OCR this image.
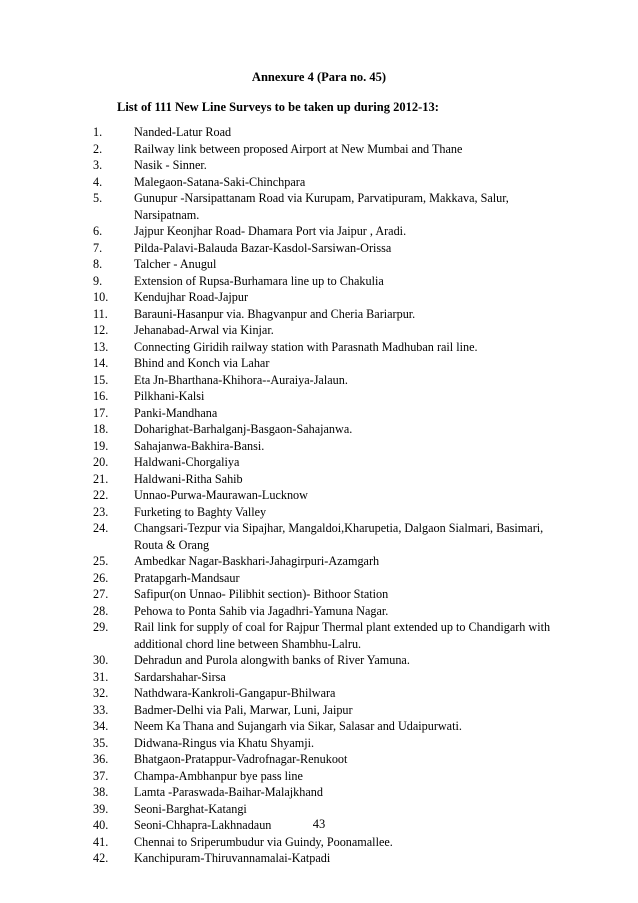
Annexure 4 (Para no. 45)
List of 111 New Line Surveys to be taken up during 2012-13:
1.	Nanded-Latur Road
2.	Railway link between proposed Airport at New Mumbai and Thane
3.	Nasik - Sinner.
4.	Malegaon-Satana-Saki-Chinchpara
5.	Gunupur -Narsipattanam Road via Kurupam, Parvatipuram, Makkava, Salur,
Narsipatnam.
6.	Jajpur Keonjhar Road- Dhamara Port via Jaipur , Aradi.
7.	Pilda-Palavi-Balauda Bazar-Kasdol-Sarsiwan-Orissa
8.	Talcher - Anugul
9.	Extension of Rupsa-Burhamara line up to Chakulia
10.	Kendujhar Road-Jajpur
11.	Barauni-Hasanpur via. Bhagvanpur and Cheria Bariarpur.
12.	Jehanabad-Arwal via Kinjar.
13.	Connecting Giridih railway station with Parasnath Madhuban rail line.
14.	Bhind and Konch via Lahar
15.	Eta Jn-Bharthana-Khihora--Auraiya-Jalaun.
16.	Pilkhani-Kalsi
17.	Panki-Mandhana
18.	Doharighat-Barhalganj-Basgaon-Sahajanwa.
19.	Sahajanwa-Bakhira-Bansi.
20.	Haldwani-Chorgaliya
21.	Haldwani-Ritha Sahib
22.	Unnao-Purwa-Maurawan-Lucknow
23.	Furketing to Baghty Valley
24.	Changsari-Tezpur via Sipajhar, Mangaldoi,Kharupetia, Dalgaon Sialmari, Basimari,
Routa & Orang
25.	Ambedkar Nagar-Baskhari-Jahagirpuri-Azamgarh
26.	Pratapgarh-Mandsaur
27.	Safipur(on Unnao- Pilibhit section)- Bithoor Station
28.	Pehowa to Ponta Sahib via Jagadhri-Yamuna Nagar.
29.	Rail link for supply of coal for Rajpur Thermal plant extended up to Chandigarh with
additional chord line between Shambhu-Lalru.
30.	Dehradun and Purola alongwith banks of River Yamuna.
31.	Sardarshahar-Sirsa
32.	Nathdwara-Kankroli-Gangapur-Bhilwara
33.	Badmer-Delhi via Pali, Marwar, Luni, Jaipur
34.	Neem Ka Thana and Sujangarh via Sikar, Salasar and Udaipurwati.
35.	Didwana-Ringus via Khatu Shyamji.
36.	Bhatgaon-Pratappur-Vadrofnagar-Renukoot
37.	Champa-Ambhanpur bye pass line
38.	Lamta -Paraswada-Baihar-Malajkhand
39.	Seoni-Barghat-Katangi
40.	Seoni-Chhapra-Lakhnadaun
41.	Chennai to Sriperumbudur via Guindy, Poonamallee.
42.	Kanchipuram-Thiruvannamalai-Katpadi
43
